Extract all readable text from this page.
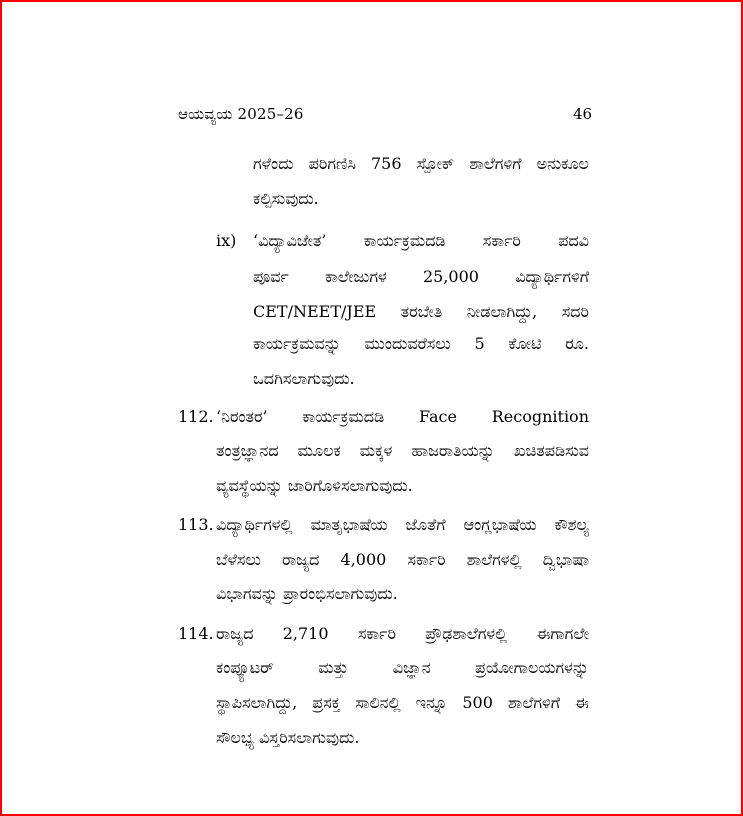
ಆಯವ್ಯಯ 2025–26	46
ಗಳೆಂದು ಪರಿಗಣಿಸಿ 756 ಸ್ಪೋಕ್ ಶಾಲೆಗಳಿಗೆ ಅನುಕೂಲ
ಕಲ್ಪಿಸುವುದು.
ix) ‘ವಿದ್ಯಾವಿಜೇತ’ ಕಾರ್ಯಕ್ರಮದಡಿ ಸರ್ಕಾರಿ ಪದವಿ
ಪೂರ್ವ ಕಾಲೇಜುಗಳ 25,000 ವಿದ್ಯಾರ್ಥಿಗಳಿಗೆ
CET/NEET/JEE ತರಬೇತಿ ನೀಡಲಾಗಿದ್ದು, ಸದರಿ
ಕಾರ್ಯಕ್ರಮವನ್ನು ಮುಂದುವರೆಸಲು 5 ಕೋಟಿ ರೂ.
ಒದಗಿಸಲಾಗುವುದು.
112. ‘ನಿರಂತರ’ ಕಾರ್ಯಕ್ರಮದಡಿ Face Recognition
ತಂತ್ರಜ್ಞಾನದ ಮೂಲಕ ಮಕ್ಕಳ ಹಾಜರಾತಿಯನ್ನು ಖಚಿತಪಡಿಸುವ
ವ್ಯವಸ್ಥೆಯನ್ನು ಜಾರಿಗೊಳಿಸಲಾಗುವುದು.
113. ವಿದ್ಯಾರ್ಥಿಗಳಲ್ಲಿ ಮಾತೃಭಾಷೆಯ ಜೊತೆಗೆ ಆಂಗ್ಲಭಾಷೆಯ ಕೌಶಲ್ಯ
ಬೆಳೆಸಲು ರಾಜ್ಯದ 4,000 ಸರ್ಕಾರಿ ಶಾಲೆಗಳಲ್ಲಿ ದ್ವಿಭಾಷಾ
ವಿಭಾಗವನ್ನು ಪ್ರಾರಂಭಿಸಲಾಗುವುದು.
114. ರಾಜ್ಯದ 2,710 ಸರ್ಕಾರಿ ಪ್ರೌಢಶಾಲೆಗಳಲ್ಲಿ ಈಗಾಗಲೇ
ಕಂಪ್ಯೂಟರ್	ಮತ್ತು	ವಿಜ್ಞಾನ	ಪ್ರಯೋಗಾಲಯಗಳನ್ನು
ಸ್ಥಾಪಿಸಲಾಗಿದ್ದು, ಪ್ರಸಕ್ತ ಸಾಲಿನಲ್ಲಿ ಇನ್ನೂ 500 ಶಾಲೆಗಳಿಗೆ ಈ
ಸೌಲಭ್ಯ ವಿಸ್ತರಿಸಲಾಗುವುದು.
